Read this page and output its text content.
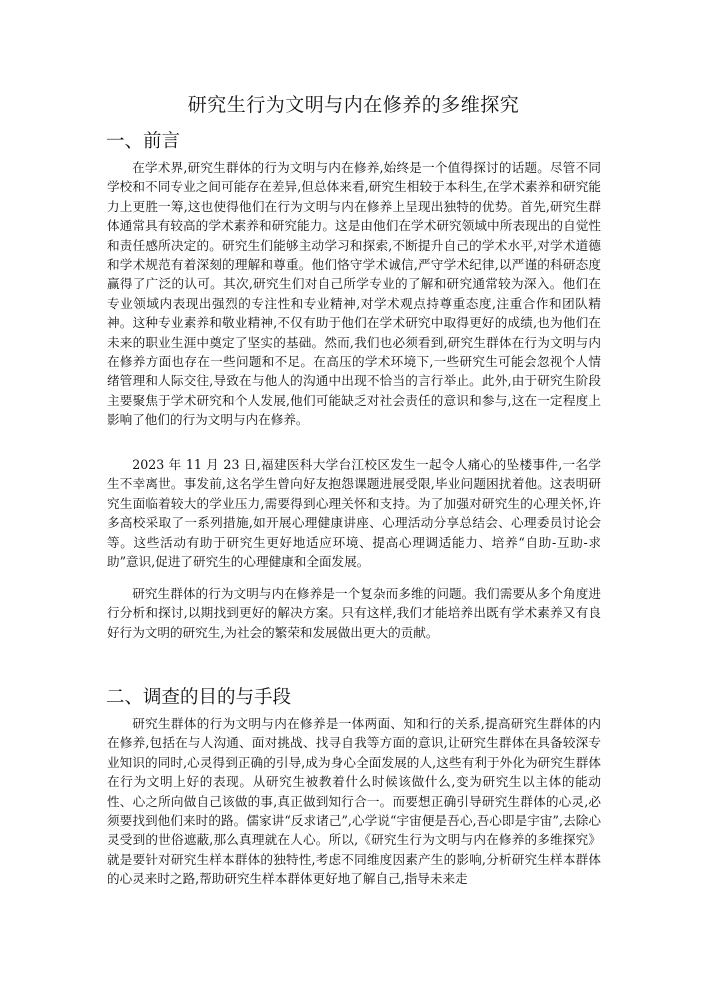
研究生行为文明与内在修养的多维探究
一、前言

在学术界,研究生群体的行为文明与内在修养,始终是一个值得探讨的话题。尽管不同学校和不同专业之间可能存在差异,但总体来看,研究生相较于本科生,在学术素养和研究能力上更胜一筹,这也使得他们在行为文明与内在修养上呈现出独特的优势。首先,研究生群体通常具有较高的学术素养和研究能力。这是由他们在学术研究领域中所表现出的自觉性和责任感所决定的。研究生们能够主动学习和探索,不断提升自己的学术水平,对学术道德和学术规范有着深刻的理解和尊重。他们恪守学术诚信,严守学术纪律,以严谨的科研态度赢得了广泛的认可。其次,研究生们对自己所学专业的了解和研究通常较为深入。他们在专业领域内表现出强烈的专注性和专业精神,对学术观点持尊重态度,注重合作和团队精神。这种专业素养和敬业精神,不仅有助于他们在学术研究中取得更好的成绩,也为他们在未来的职业生涯中奠定了坚实的基础。然而,我们也必须看到,研究生群体在行为文明与内在修养方面也存在一些问题和不足。在高压的学术环境下,一些研究生可能会忽视个人情绪管理和人际交往,导致在与他人的沟通中出现不恰当的言行举止。此外,由于研究生阶段主要聚焦于学术研究和个人发展,他们可能缺乏对社会责任的意识和参与,这在一定程度上影响了他们的行为文明与内在修养。

2023 年 11 月 23 日,福建医科大学台江校区发生一起令人痛心的坠楼事件,一名学生不幸离世。事发前,这名学生曾向好友抱怨课题进展受限,毕业问题困扰着他。这表明研究生面临着较大的学业压力,需要得到心理关怀和支持。为了加强对研究生的心理关怀,许多高校采取了一系列措施,如开展心理健康讲座、心理活动分享总结会、心理委员讨论会等。这些活动有助于研究生更好地适应环境、提高心理调适能力、培养“自助-互助-求助”意识,促进了研究生的心理健康和全面发展。

研究生群体的行为文明与内在修养是一个复杂而多维的问题。我们需要从多个角度进行分析和探讨,以期找到更好的解决方案。只有这样,我们才能培养出既有学术素养又有良好行为文明的研究生,为社会的繁荣和发展做出更大的贡献。

二、调查的目的与手段

研究生群体的行为文明与内在修养是一体两面、知和行的关系,提高研究生群体的内在修养,包括在与人沟通、面对挑战、找寻自我等方面的意识,让研究生群体在具备较深专业知识的同时,心灵得到正确的引导,成为身心全面发展的人,这些有利于外化为研究生群体在行为文明上好的表现。从研究生被教着什么时候该做什么,变为研究生以主体的能动性、心之所向做自己该做的事,真正做到知行合一。而要想正确引导研究生群体的心灵,必须要找到他们来时的路。儒家讲“反求诸己”,心学说“宇宙便是吾心,吾心即是宇宙”,去除心灵受到的世俗遮蔽,那么真理就在人心。所以,《研究生行为文明与内在修养的多维探究》就是要针对研究生样本群体的独特性,考虑不同维度因素产生的影响,分析研究生样本群体的心灵来时之路,帮助研究生样本群体更好地了解自己,指导未来走
